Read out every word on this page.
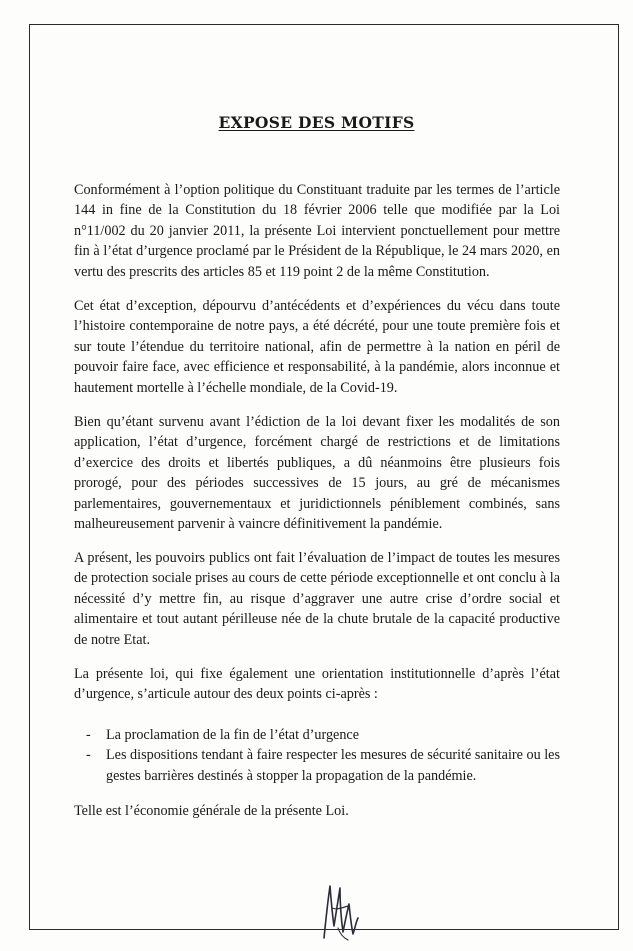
EXPOSE DES MOTIFS
Conformément à l’option politique du Constituant traduite par les termes de l’article 144 in fine de la Constitution du 18 février 2006 telle que modifiée par la Loi n°11/002 du 20 janvier 2011, la présente Loi intervient ponctuellement pour mettre fin à l’état d’urgence proclamé par le Président de la République, le 24 mars 2020, en vertu des prescrits des articles 85 et 119 point 2 de la même Constitution.
Cet état d’exception, dépourvu d’antécédents et d’expériences du vécu dans toute l’histoire contemporaine de notre pays, a été décrété, pour une toute première fois et sur toute l’étendue du territoire national, afin de permettre à la nation en péril de pouvoir faire face, avec efficience et responsabilité, à la pandémie, alors inconnue et hautement mortelle à l’échelle mondiale, de la Covid-19.
Bien qu’étant survenu avant l’édiction de la loi devant fixer les modalités de son application, l’état d’urgence, forcément chargé de restrictions et de limitations d’exercice des droits et libertés publiques, a dû néanmoins être plusieurs fois prorogé, pour des périodes successives de 15 jours, au gré de mécanismes parlementaires, gouvernementaux et juridictionnels péniblement combinés, sans malheureusement parvenir à vaincre définitivement la pandémie.
A présent, les pouvoirs publics ont fait l’évaluation de l’impact de toutes les mesures de protection sociale prises au cours de cette période exceptionnelle et ont conclu à la nécessité d’y mettre fin, au risque d’aggraver une autre crise d’ordre social et alimentaire et tout autant périlleuse née de la chute brutale de la capacité productive de notre Etat.
La présente loi, qui fixe également une orientation institutionnelle d’après l’état d’urgence, s’articule autour des deux points ci-après :
- La proclamation de la fin de l’état d’urgence
- Les dispositions tendant à faire respecter les mesures de sécurité sanitaire ou les gestes barrières destinés à stopper la propagation de la pandémie.
Telle est l’économie générale de la présente Loi.
